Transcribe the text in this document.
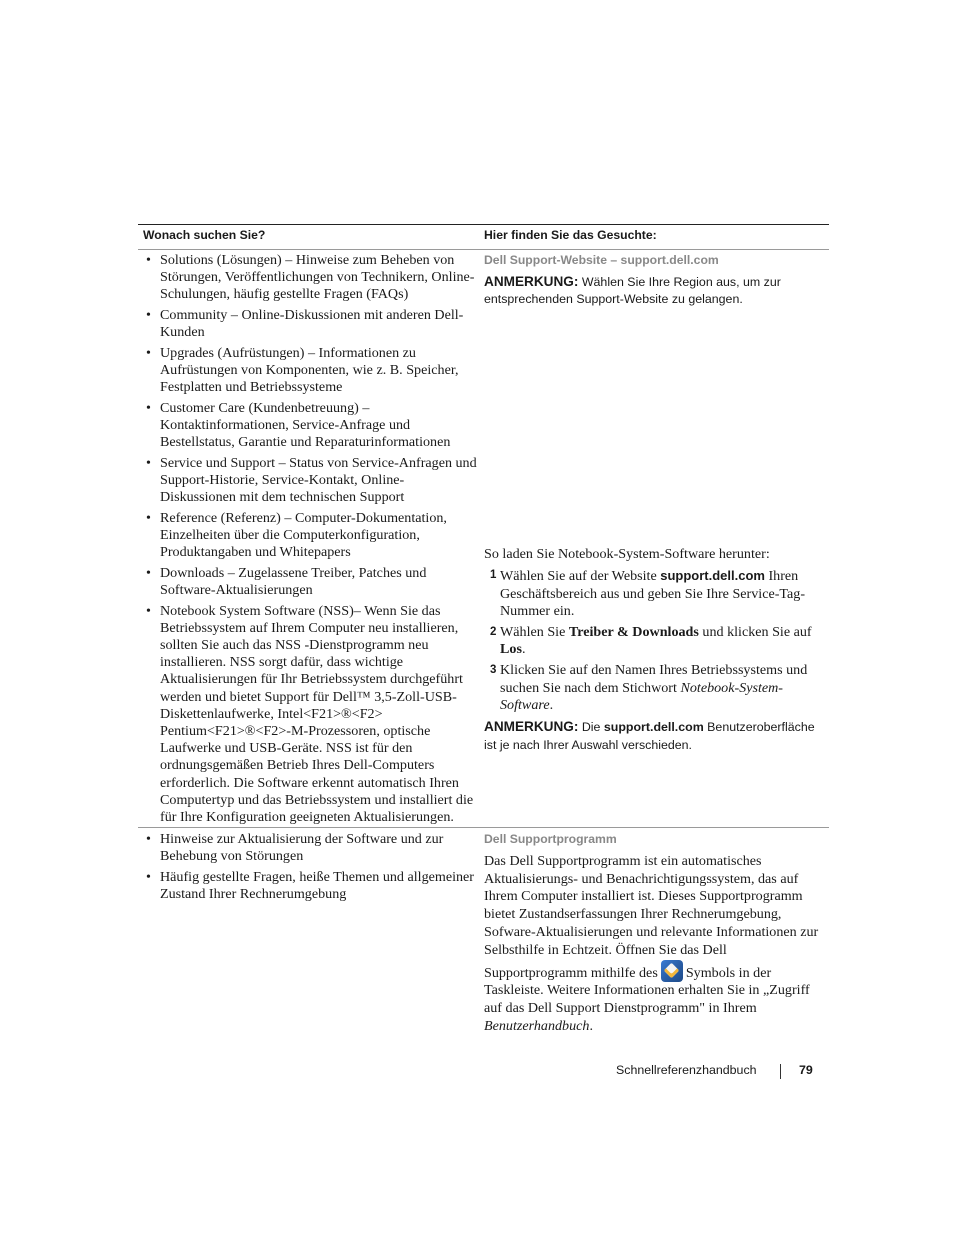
Wonach suchen Sie?	Hier finden Sie das Gesuchte:
• Solutions (Lösungen) – Hinweise zum Beheben von Störungen, Veröffentlichungen von Technikern, Online-Schulungen, häufig gestellte Fragen (FAQs)
• Community – Online-Diskussionen mit anderen Dell-Kunden
• Upgrades (Aufrüstungen) – Informationen zu Aufrüstungen von Komponenten, wie z. B. Speicher, Festplatten und Betriebssysteme
• Customer Care (Kundenbetreuung) – Kontaktinformationen, Service-Anfrage und Bestellstatus, Garantie und Reparaturinformationen
• Service und Support – Status von Service-Anfragen und Support-Historie, Service-Kontakt, Online-Diskussionen mit dem technischen Support
• Reference (Referenz) – Computer-Dokumentation, Einzelheiten über die Computerkonfiguration, Produktangaben und Whitepapers
• Downloads – Zugelassene Treiber, Patches und Software-Aktualisierungen
• Notebook System Software (NSS)– Wenn Sie das Betriebssystem auf Ihrem Computer neu installieren, sollten Sie auch das NSS -Dienstprogramm neu installieren. NSS sorgt dafür, dass wichtige Aktualisierungen für Ihr Betriebssystem durchgeführt werden und bietet Support für Dell™ 3,5-Zoll-USB-Diskettenlaufwerke, Intel<F21>®<F2> Pentium<F21>®<F2>-M-Prozessoren, optische Laufwerke und USB-Geräte. NSS ist für den ordnungsgemäßen Betrieb Ihres Dell-Computers erforderlich. Die Software erkennt automatisch Ihren Computertyp und das Betriebssystem und installiert die für Ihre Konfiguration geeigneten Aktualisierungen.
Dell Support-Website – support.dell.com
ANMERKUNG: Wählen Sie Ihre Region aus, um zur entsprechenden Support-Website zu gelangen.
So laden Sie Notebook-System-Software herunter:
1 Wählen Sie auf der Website support.dell.com Ihren Geschäftsbereich aus und geben Sie Ihre Service-Tag-Nummer ein.
2 Wählen Sie Treiber & Downloads und klicken Sie auf Los.
3 Klicken Sie auf den Namen Ihres Betriebssystems und suchen Sie nach dem Stichwort Notebook-System-Software.
ANMERKUNG: Die support.dell.com Benutzeroberfläche ist je nach Ihrer Auswahl verschieden.
• Hinweise zur Aktualisierung der Software und zur Behebung von Störungen
• Häufig gestellte Fragen, heiße Themen und allgemeiner Zustand Ihrer Rechnerumgebung
Dell Supportprogramm
Das Dell Supportprogramm ist ein automatisches Aktualisierungs- und Benachrichtigungssystem, das auf Ihrem Computer installiert ist. Dieses Supportprogramm bietet Zustandserfassungen Ihrer Rechnerumgebung, Sofware-Aktualisierungen und relevante Informationen zur Selbsthilfe in Echtzeit. Öffnen Sie das Dell Supportprogramm mithilfe des Symbols in der Taskleiste. Weitere Informationen erhalten Sie in „Zugriff auf das Dell Support Dienstprogramm" in Ihrem Benutzerhandbuch.
Schnellreferenzhandbuch	79
